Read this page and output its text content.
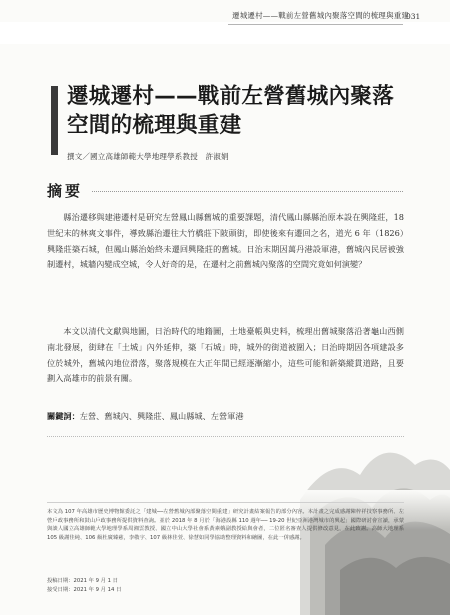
遷城遷村——戰前左營舊城內聚落空間的梳理與重建
031
遷城遷村——戰前左營舊城內聚落空間的梳理與重建
撰文／國立高雄師範大學地理學系教授　許淑娟
摘要

縣治遷移與建港遷村是研究左營鳳山縣舊城的重要課題，清代鳳山縣縣治原本設在興隆莊，18 世紀末的林爽文事件，導致縣治遷往大竹橋莊下陂頭街，即使後來有遷回之名，道光 6 年（1826）興隆莊築石城，但鳳山縣治始終未遷回興隆莊的舊城。日治末期因萬丹港設軍港，舊城內民居被強制遷村，城牆內變成空城，令人好奇的是，在遷村之前舊城內聚落的空間究竟如何演變？

本文以清代文獻與地圖，日治時代的地籍圖，土地臺帳與史料，梳理出舊城聚落沿著龜山西側南北發展，街肆在「土城」內外延伸，築「石城」時，城外的街道被圍入；日治時期因各項建設多位於城外，舊城內地位滑落，聚落規模在大正年間已經逐漸縮小，這些可能和新築縱貫道路，且要劃入高雄市的前景有關。

關鍵詞：左營、舊城內、興隆莊、鳳山縣城、左營軍港

本文為 107 年高雄市歷史博物館委託之「建城──左營舊城內部聚落空間重建」研究計畫結案報告的部分內容。本計畫之完成感謝陳梓祥技察事務所、左營戶政事務所和鼓山戶政事務所提供資料查詢。並於 2018 年 8 月於「海港設縣 110 週年── 19-20 世紀亞洲港灣城市的興起」國際研討會宣讀，承蒙與談人國立高雄師範大學地理學系周湘雲教授、國立中山大學社會系黃素娥副教授給與會者，二位匿名審查人提供修改意見，在此致謝。高師大地理系 105 級謝佳純、106 級杜廣臻慈，李敬宇、107 級林佳萱、徐慧如同學協助整理資料和繪圖，在此一併感謝。

投稿日期：2021 年 9 月 1 日
接受日期：2021 年 9 月 14 日
